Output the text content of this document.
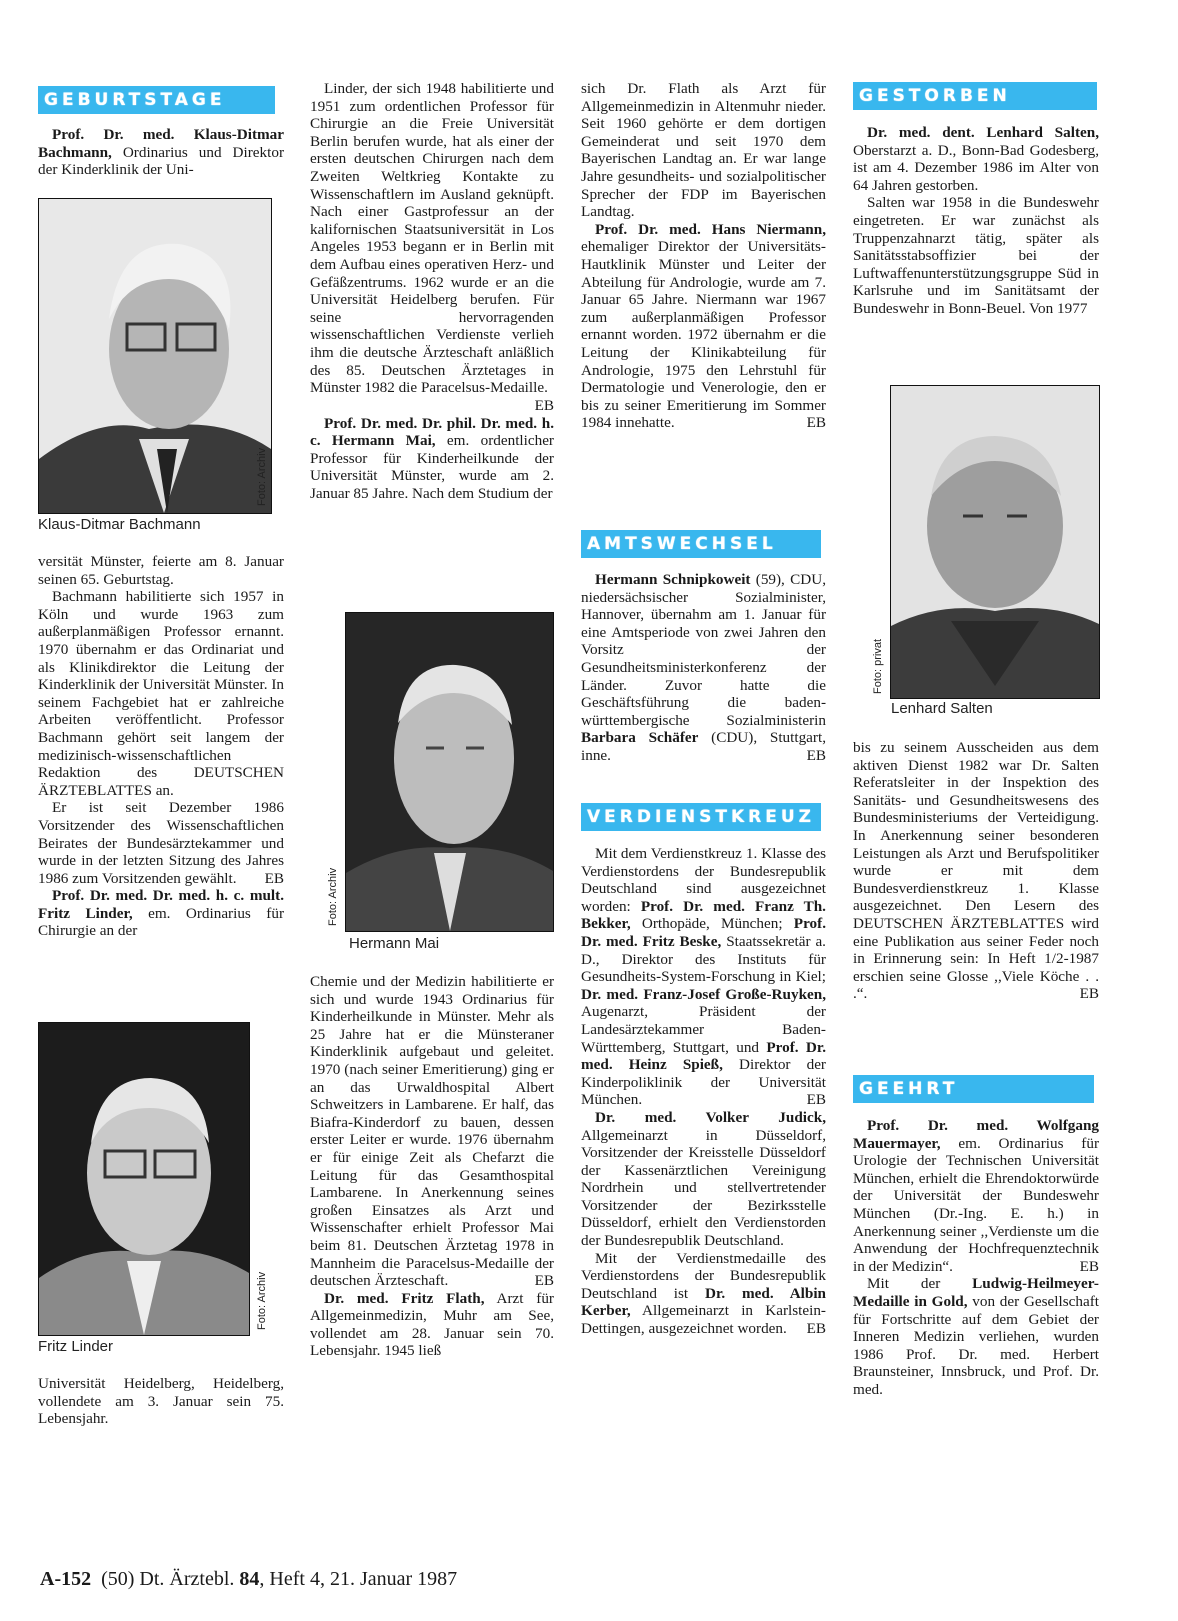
GEBURTSTAGE

Prof. Dr. med. Klaus-Ditmar Bachmann, Ordinarius und Direktor der Kinderklinik der Uni-

Foto: Archiv
Klaus-Ditmar Bachmann

versität Münster, feierte am 8. Januar seinen 65. Geburtstag.

Bachmann habilitierte sich 1957 in Köln und wurde 1963 zum außerplanmäßigen Professor ernannt. 1970 übernahm er das Ordinariat und als Klinikdirektor die Leitung der Kinderklinik der Universität Münster. In seinem Fachgebiet hat er zahlreiche Arbeiten veröffentlicht. Professor Bachmann gehört seit langem der medizinisch-wissenschaftlichen Redaktion des DEUTSCHEN ÄRZTEBLATTES an.

Er ist seit Dezember 1986 Vorsitzender des Wissenschaftlichen Beirates der Bundesärztekammer und wurde in der letzten Sitzung des Jahres 1986 zum Vorsitzenden gewählt. EB

Prof. Dr. med. Dr. med. h. c. mult. Fritz Linder, em. Ordinarius für Chirurgie an der

Foto: Archiv
Fritz Linder

Universität Heidelberg, Heidelberg, vollendete am 3. Januar sein 75. Lebensjahr.

Linder, der sich 1948 habilitierte und 1951 zum ordentlichen Professor für Chirurgie an die Freie Universität Berlin berufen wurde, hat als einer der ersten deutschen Chirurgen nach dem Zweiten Weltkrieg Kontakte zu Wissenschaftlern im Ausland geknüpft. Nach einer Gastprofessur an der kalifornischen Staatsuniversität in Los Angeles 1953 begann er in Berlin mit dem Aufbau eines operativen Herz- und Gefäßzentrums. 1962 wurde er an die Universität Heidelberg berufen. Für seine hervorragenden wissenschaftlichen Verdienste verlieh ihm die deutsche Ärzteschaft anläßlich des 85. Deutschen Ärztetages in Münster 1982 die Paracelsus-Medaille.
EB

Prof. Dr. med. Dr. phil. Dr. med. h. c. Hermann Mai, em. ordentlicher Professor für Kinderheilkunde der Universität Münster, wurde am 2. Januar 85 Jahre. Nach dem Studium der

Foto: Archiv
Hermann Mai

Chemie und der Medizin habilitierte er sich und wurde 1943 Ordinarius für Kinderheilkunde in Münster. Mehr als 25 Jahre hat er die Münsteraner Kinderklinik aufgebaut und geleitet. 1970 (nach seiner Emeritierung) ging er an das Urwaldhospital Albert Schweitzers in Lambarene. Er half, das Biafra-Kinderdorf zu bauen, dessen erster Leiter er wurde. 1976 übernahm er für einige Zeit als Chefarzt die Leitung für das Gesamthospital Lambarene. In Anerkennung seines großen Einsatzes als Arzt und Wissenschafter erhielt Professor Mai beim 81. Deutschen Ärztetag 1978 in Mannheim die Paracelsus-Medaille der deutschen Ärzteschaft.	EB

Dr. med. Fritz Flath, Arzt für Allgemeinmedizin, Muhr am See, vollendet am 28. Januar sein 70. Lebensjahr. 1945 ließ

sich Dr. Flath als Arzt für Allgemeinmedizin in Altenmuhr nieder. Seit 1960 gehörte er dem dortigen Gemeinderat und seit 1970 dem Bayerischen Landtag an. Er war lange Jahre gesundheits- und sozialpolitischer Sprecher der FDP im Bayerischen Landtag.

Prof. Dr. med. Hans Niermann, ehemaliger Direktor der Universitäts-Hautklinik Münster und Leiter der Abteilung für Andrologie, wurde am 7. Januar 65 Jahre. Niermann war 1967 zum außerplanmäßigen Professor ernannt worden. 1972 übernahm er die Leitung der Klinikabteilung für Andrologie, 1975 den Lehrstuhl für Dermatologie und Venerologie, den er bis zu seiner Emeritierung im Sommer 1984 innehatte.	EB

AMTSWECHSEL

Hermann Schnipkoweit (59), CDU, niedersächsischer Sozialminister, Hannover, übernahm am 1. Januar für eine Amtsperiode von zwei Jahren den Vorsitz der Gesundheitsministerkonferenz der Länder. Zuvor hatte die Geschäftsführung die baden-württembergische Sozialministerin Barbara Schäfer (CDU), Stuttgart, inne.	EB

VERDIENSTKREUZ

Mit dem Verdienstkreuz 1. Klasse des Verdienstordens der Bundesrepublik Deutschland sind ausgezeichnet worden: Prof. Dr. med. Franz Th. Bekker, Orthopäde, München; Prof. Dr. med. Fritz Beske, Staatssekretär a. D., Direktor des Instituts für Gesundheits-System-Forschung in Kiel; Dr. med. Franz-Josef Große-Ruyken, Augenarzt, Präsident der Landesärztekammer Baden-Württemberg, Stuttgart, und Prof. Dr. med. Heinz Spieß, Direktor der Kinderpoliklinik der Universität München.	EB

Dr. med. Volker Judick, Allgemeinarzt in Düsseldorf, Vorsitzender der Kreisstelle Düsseldorf der Kassenärztlichen Vereinigung Nordrhein und stellvertretender Vorsitzender der Bezirksstelle Düsseldorf, erhielt den Verdienstorden der Bundesrepublik Deutschland.

Mit der Verdienstmedaille des Verdienstordens der Bundesrepublik Deutschland ist Dr. med. Albin Kerber, Allgemeinarzt in Karlstein-Dettingen, ausgezeichnet worden. EB

GESTORBEN

Dr. med. dent. Lenhard Salten, Oberstarzt a. D., Bonn-Bad Godesberg, ist am 4. Dezember 1986 im Alter von 64 Jahren gestorben.

Salten war 1958 in die Bundeswehr eingetreten. Er war zunächst als Truppenzahnarzt tätig, später als Sanitätsstabsoffizier bei der Luftwaffenunterstützungsgruppe Süd in Karlsruhe und im Sanitätsamt der Bundeswehr in Bonn-Beuel. Von 1977

Foto: privat
Lenhard Salten

bis zu seinem Ausscheiden aus dem aktiven Dienst 1982 war Dr. Salten Referatsleiter in der Inspektion des Sanitäts- und Gesundheitswesens des Bundesministeriums der Verteidigung. In Anerkennung seiner besonderen Leistungen als Arzt und Berufspolitiker wurde er mit dem Bundesverdienstkreuz 1. Klasse ausgezeichnet. Den Lesern des DEUTSCHEN ÄRZTEBLATTES wird eine Publikation aus seiner Feder noch in Erinnerung sein: In Heft 1/2-1987 erschien seine Glosse ,,Viele Köche . . .“.	EB

GEEHRT

Prof. Dr. med. Wolfgang Mauermayer, em. Ordinarius für Urologie der Technischen Universität München, erhielt die Ehrendoktorwürde der Universität der Bundeswehr München (Dr.-Ing. E. h.) in Anerkennung seiner ,,Verdienste um die Anwendung der Hochfrequenztechnik in der Medizin“.	EB

Mit der Ludwig-Heilmeyer-Medaille in Gold, von der Gesellschaft für Fortschritte auf dem Gebiet der Inneren Medizin verliehen, wurden 1986 Prof. Dr. med. Herbert Braunsteiner, Innsbruck, und Prof. Dr. med.

A-152  (50) Dt. Ärztebl. 84, Heft 4, 21. Januar 1987
